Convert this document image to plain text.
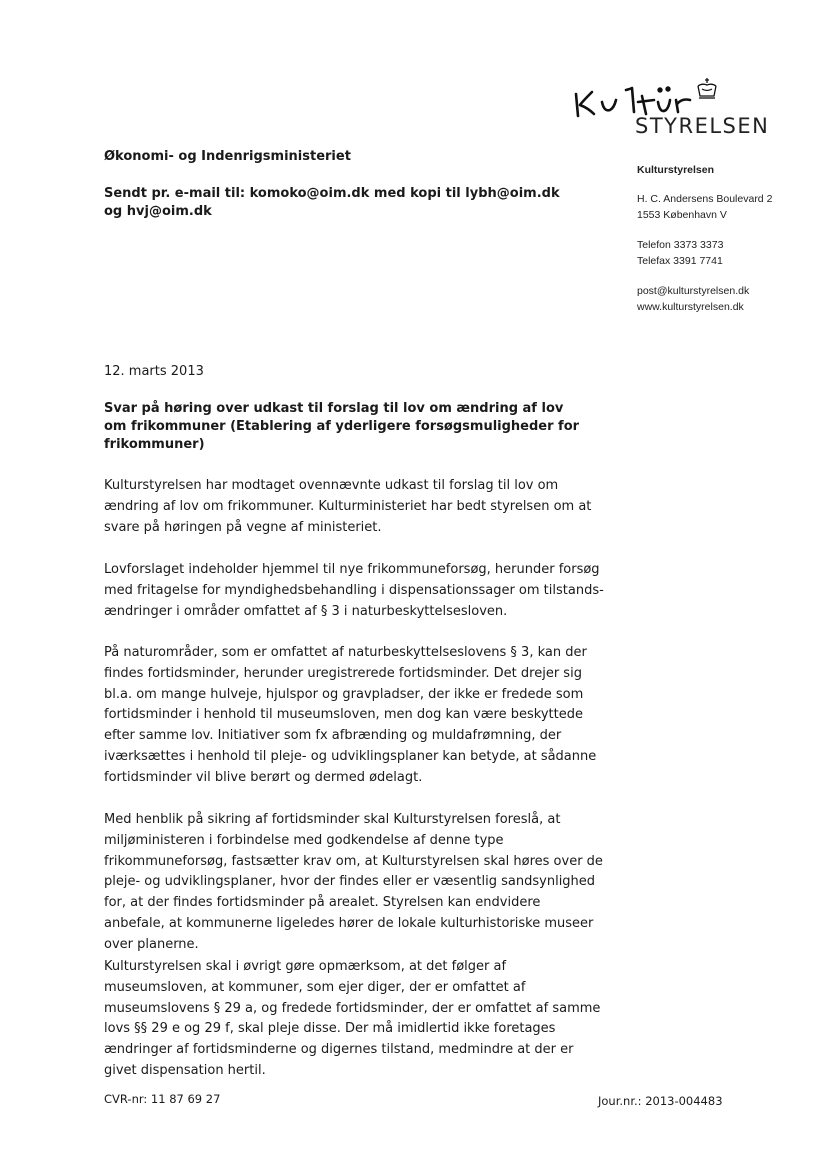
STYRELSEN
Kulturstyrelsen
H. C. Andersens Boulevard 2
1553 København V
Telefon 3373 3373
Telefax 3391 7741
post@kulturstyrelsen.dk
www.kulturstyrelsen.dk
Økonomi- og Indenrigsministeriet
Sendt pr. e-mail til: komoko@oim.dk med kopi til lybh@oim.dk og hvj@oim.dk
12. marts 2013
Svar på høring over udkast til forslag til lov om ændring af lov om frikommuner (Etablering af yderligere forsøgsmuligheder for frikommuner)
Kulturstyrelsen har modtaget ovennævnte udkast til forslag til lov om ændring af lov om frikommuner. Kulturministeriet har bedt styrelsen om at svare på høringen på vegne af ministeriet.
Lovforslaget indeholder hjemmel til nye frikommuneforsøg, herunder forsøg med fritagelse for myndighedsbehandling i dispensationssager om tilstands-ændringer i områder omfattet af § 3 i naturbeskyttelsesloven.
På naturområder, som er omfattet af naturbeskyttelseslovens § 3, kan der findes fortidsminder, herunder uregistrerede fortidsminder. Det drejer sig bl.a. om mange hulveje, hjulspor og gravpladser, der ikke er fredede som fortidsminder i henhold til museumsloven, men dog kan være beskyttede efter samme lov. Initiativer som fx afbrænding og muldafrømning, der iværksættes i henhold til pleje- og udviklingsplaner kan betyde, at sådanne fortidsminder vil blive berørt og dermed ødelagt.
Med henblik på sikring af fortidsminder skal Kulturstyrelsen foreslå, at miljøministeren i forbindelse med godkendelse af denne type frikommuneforsøg, fastsætter krav om, at Kulturstyrelsen skal høres over de pleje- og udviklingsplaner, hvor der findes eller er væsentlig sandsynlighed for, at der findes fortidsminder på arealet. Styrelsen kan endvidere anbefale, at kommunerne ligeledes hører de lokale kulturhistoriske museer over planerne.
Kulturstyrelsen skal i øvrigt gøre opmærksom, at det følger af museumsloven, at kommuner, som ejer diger, der er omfattet af museumslovens § 29 a, og fredede fortidsminder, der er omfattet af samme lovs §§ 29 e og 29 f, skal pleje disse. Der må imidlertid ikke foretages ændringer af fortidsminderne og digernes tilstand, medmindre at der er givet dispensation hertil.
CVR-nr: 11 87 69 27	Jour.nr.: 2013-004483
